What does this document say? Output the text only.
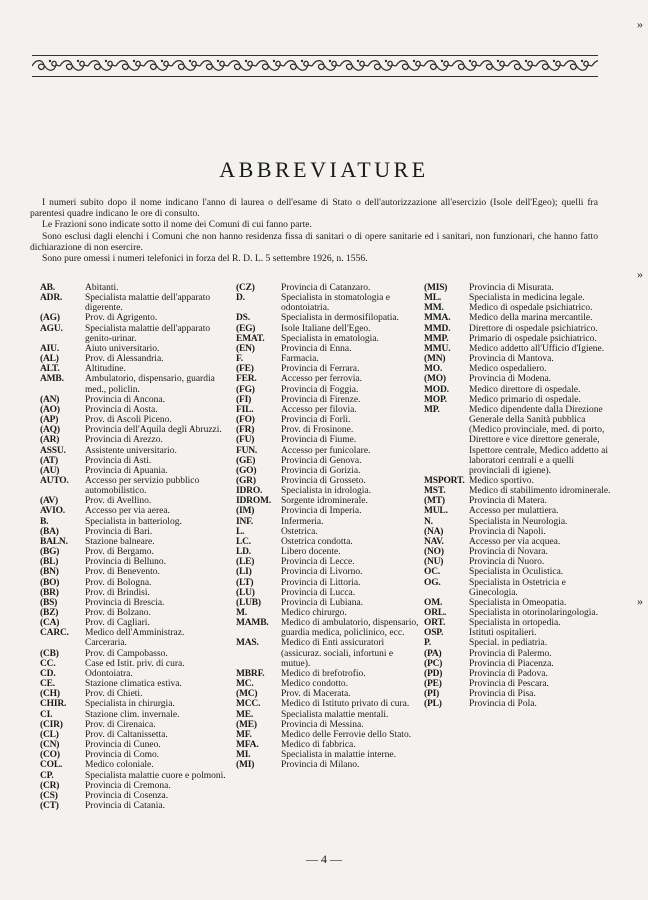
»
»
»
ABBREVIATURE

I numeri subito dopo il nome indicano l'anno di laurea o dell'esame di Stato o dell'autorizzazione all'esercizio (Isole dell'Egeo); quelli fra parentesi quadre indicano le ore di consulto.

Le Frazioni sono indicate sotto il nome dei Comuni di cui fanno parte.

Sono esclusi dagli elenchi i Comuni che non hanno residenza fissa di sanitari o di opere sanitarie ed i sanitari, non funzionari, che hanno fatto dichiarazione di non esercire.

Sono pure omessi i numeri telefonici in forza del R. D. L. 5 settembre 1926, n. 1556.

AB.	Abitanti.
ADR.	Specialista malattie dell'apparato digerente.
(AG)	Prov. di Agrigento.
AGU.	Specialista malattie dell'apparato genito-urinar.
AIU.	Aiuto universitario.
(AL)	Prov. di Alessandria.
ALT.	Altitudine.
AMB.	Ambulatorio, dispensario, guardia med., policlin.
(AN)	Provincia di Ancona.
(AO)	Provincia di Aosta.
(AP)	Prov. di Ascoli Piceno.
(AQ)	Provincia dell'Aquila degli Abruzzi.
(AR)	Provincia di Arezzo.
ASSU.	Assistente universitario.
(AT)	Provincia di Asti.
(AU)	Provincia di Apuania.
AUTO.	Accesso per servizio pubblico automobilistico.
(AV)	Prov. di Avellino.
AVIO.	Accesso per via aerea.
B.	Specialista in batteriolog.
(BA)	Provincia di Bari.
BALN.	Stazione balneare.
(BG)	Prov. di Bergamo.
(BL)	Provincia di Belluno.
(BN)	Prov. di Benevento.
(BO)	Prov. di Bologna.
(BR)	Prov. di Brindisi.
(BS)	Provincia di Brescia.
(BZ)	Prov. di Bolzano.
(CA)	Prov. di Cagliari.
CARC.	Medico dell'Amministraz. Carceraria.
(CB)	Prov. di Campobasso.
CC.	Case ed Istit. priv. di cura.
CD.	Odontoiatra.
CE.	Stazione climatica estiva.
(CH)	Prov. di Chieti.
CHIR.	Specialista in chirurgia.
CI.	Stazione clim. invernale.
(CIR)	Prov. di Cirenaica.
(CL)	Prov. di Caltanissetta.
(CN)	Provincia di Cuneo.
(CO)	Provincia di Como.
COL.	Medico coloniale.
CP.	Specialista malattie cuore e polmoni.
(CR)	Provincia di Cremona.
(CS)	Provincia di Cosenza.
(CT)	Provincia di Catania.
(CZ)	Provincia di Catanzaro.
D.	Specialista in stomatologia e odontoiatria.
DS.	Specialista in dermosifilopatia.
(EG)	Isole Italiane dell'Egeo.
EMAT.	Specialista in ematologia.
(EN)	Provincia di Enna.
F.	Farmacia.
(FE)	Provincia di Ferrara.
FER.	Accesso per ferrovia.
(FG)	Provincia di Foggia.
(FI)	Provincia di Firenze.
FIL.	Accesso per filovia.
(FO)	Provincia di Forlì.
(FR)	Prov. di Frosinone.
(FU)	Provincia di Fiume.
FUN.	Accesso per funicolare.
(GE)	Provincia di Genova.
(GO)	Provincia di Gorizia.
(GR)	Provincia di Grosseto.
IDRO.	Specialista in idrologia.
IDROM.	Sorgente idrominerale.
(IM)	Provincia di Imperia.
INF.	Infermeria.
L.	Ostetrica.
LC.	Ostetrica condotta.
LD.	Libero docente.
(LE)	Provincia di Lecce.
(LI)	Provincia di Livorno.
(LT)	Provincia di Littoria.
(LU)	Provincia di Lucca.
(LUB)	Provincia di Lubiana.
M.	Medico chirurgo.
MAMB.	Medico di ambulatorio, dispensario, guardia medica, policlinico, ecc.
MAS.	Medico di Enti assicuratori (assicuraz. sociali, infortuni e mutue).
MBRF.	Medico di brefotrofio.
MC.	Medico condotto.
(MC)	Prov. di Macerata.
MCC.	Medico di Istituto privato di cura.
ME.	Specialista malattie mentali.
(ME)	Provincia di Messina.
MF.	Medico delle Ferrovie dello Stato.
MFA.	Medico di fabbrica.
MI.	Specialista in malattie interne.
(MI)	Provincia di Milano.
(MIS)	Provincia di Misurata.
ML.	Specialista in medicina legale.
MM.	Medico di ospedale psichiatrico.
MMA.	Medico della marina mercantile.
MMD.	Direttore di ospedale psichiatrico.
MMP.	Primario di ospedale psichiatrico.
MMU.	Medico addetto all'Ufficio d'Igiene.
(MN)	Provincia di Mantova.
MO.	Medico ospedaliero.
(MO)	Provincia di Modena.
MOD.	Medico direttore di ospedale.
MOP.	Medico primario di ospedale.
MP.	Medico dipendente dalla Direzione Generale della Sanità pubblica (Medico provinciale, med. di porto, Direttore e vice direttore generale, Ispettore centrale, Medico addetto ai laboratori centrali e a quelli provinciali di igiene).
MSPORT. Medico sportivo.
MST.	Medico di stabilimento idrominerale.
(MT)	Provincia di Matera.
MUL.	Accesso per mulattiera.
N.	Specialista in Neurologia.
(NA)	Provincia di Napoli.
NAV.	Accesso per via acquea.
(NO)	Provincia di Novara.
(NU)	Provincia di Nuoro.
OC.	Specialista in Oculistica.
OG.	Specialista in Ostetricia e Ginecologia.
OM.	Specialista in Omeopatia.
ORL.	Specialista in otorinolaringologia.
ORT.	Specialista in ortopedia.
OSP.	Istituti ospitalieri.
P.	Special. in pediatria.
(PA)	Provincia di Palermo.
(PC)	Provincia di Piacenza.
(PD)	Provincia di Padova.
(PE)	Provincia di Pescara.
(PI)	Provincia di Pisa.
(PL)	Provincia di Pola.
— 4 —
